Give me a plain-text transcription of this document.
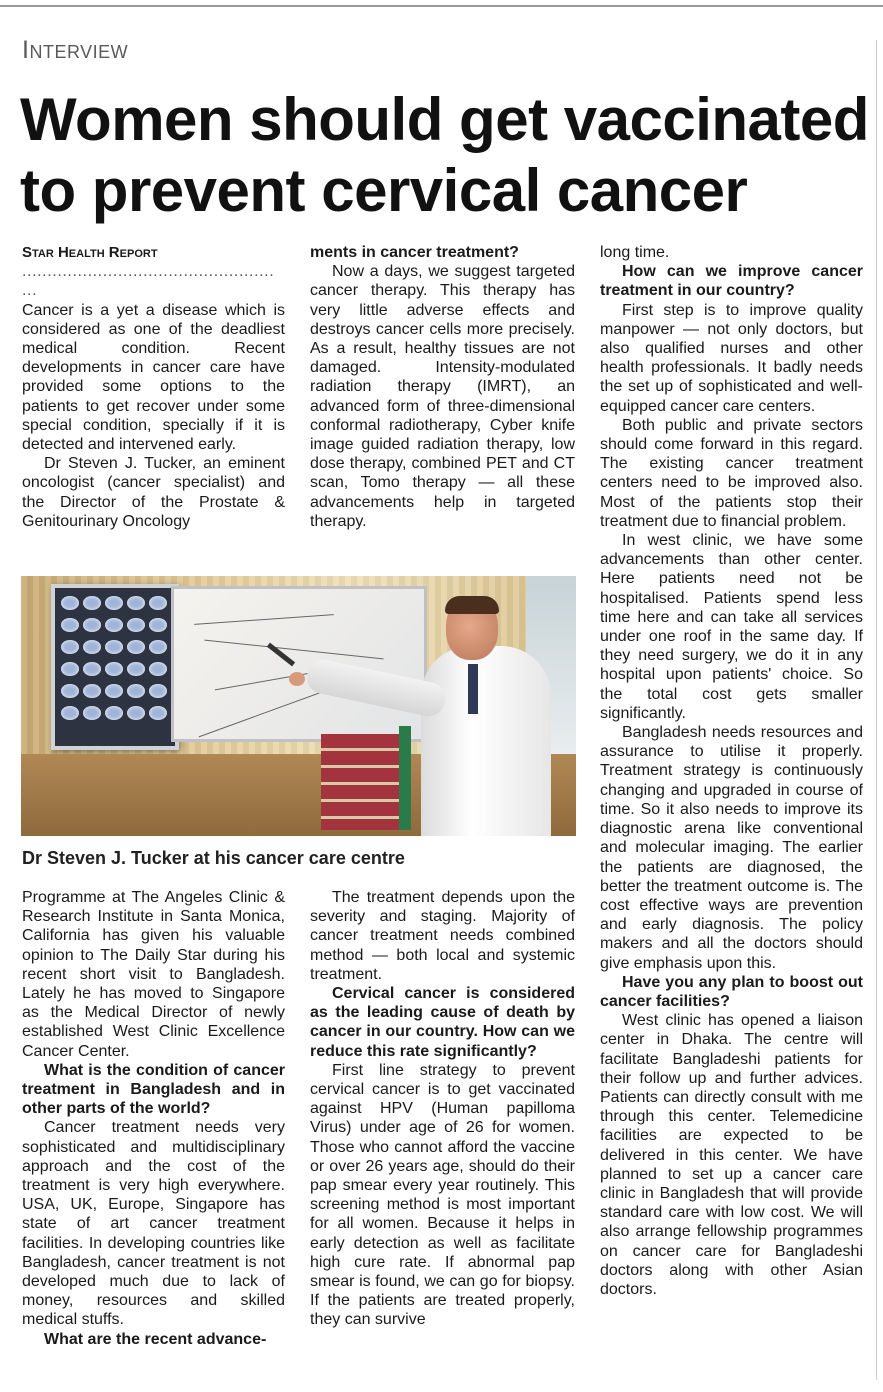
Interview
Women should get vaccinated to prevent cervical cancer

Star Health Report

..................................................
...

Cancer is a yet a disease which is considered as one of the deadliest medical condition. Recent developments in cancer care have provided some options to the patients to get recover under some special condition, specially if it is detected and intervened early.

Dr Steven J. Tucker, an eminent oncologist (cancer specialist) and the Director of the Prostate & Genitourinary Oncology

ments in cancer treatment?

Now a days, we suggest targeted cancer therapy. This therapy has very little adverse effects and destroys cancer cells more precisely. As a result, healthy tissues are not damaged. Intensity-modulated radiation therapy (IMRT), an advanced form of three-dimensional conformal radiotherapy, Cyber knife image guided radiation therapy, low dose therapy, combined PET and CT scan, Tomo therapy — all these advancements help in targeted therapy.

Dr Steven J. Tucker at his cancer care centre

Programme at The Angeles Clinic & Research Institute in Santa Monica, California has given his valuable opinion to The Daily Star during his recent short visit to Bangladesh. Lately he has moved to Singapore as the Medical Director of newly established West Clinic Excellence Cancer Center.

What is the condition of cancer treatment in Bangladesh and in other parts of the world?

Cancer treatment needs very sophisticated and multidisciplinary approach and the cost of the treatment is very high everywhere. USA, UK, Europe, Singapore has state of art cancer treatment facilities. In developing countries like Bangladesh, cancer treatment is not developed much due to lack of money, resources and skilled medical stuffs.

What are the recent advance-

The treatment depends upon the severity and staging. Majority of cancer treatment needs combined method — both local and systemic treatment.

Cervical cancer is considered as the leading cause of death by cancer in our country. How can we reduce this rate significantly?

First line strategy to prevent cervical cancer is to get vaccinated against HPV (Human papilloma Virus) under age of 26 for women. Those who cannot afford the vaccine or over 26 years age, should do their pap smear every year routinely. This screening method is most important for all women. Because it helps in early detection as well as facilitate high cure rate. If abnormal pap smear is found, we can go for biopsy. If the patients are treated properly, they can survive

long time.

How can we improve cancer treatment in our country?

First step is to improve quality manpower — not only doctors, but also qualified nurses and other health professionals. It badly needs the set up of sophisticated and well-equipped cancer care centers.

Both public and private sectors should come forward in this regard. The existing cancer treatment centers need to be improved also. Most of the patients stop their treatment due to financial problem.

In west clinic, we have some advancements than other center. Here patients need not be hospitalised. Patients spend less time here and can take all services under one roof in the same day. If they need surgery, we do it in any hospital upon patients' choice. So the total cost gets smaller significantly.

Bangladesh needs resources and assurance to utilise it properly. Treatment strategy is continuously changing and upgraded in course of time. So it also needs to improve its diagnostic arena like conventional and molecular imaging. The earlier the patients are diagnosed, the better the treatment outcome is. The cost effective ways are prevention and early diagnosis. The policy makers and all the doctors should give emphasis upon this.

Have you any plan to boost out cancer facilities?

West clinic has opened a liaison center in Dhaka. The centre will facilitate Bangladeshi patients for their follow up and further advices. Patients can directly consult with me through this center. Telemedicine facilities are expected to be delivered in this center. We have planned to set up a cancer care clinic in Bangladesh that will provide standard care with low cost. We will also arrange fellowship programmes on cancer care for Bangladeshi doctors along with other Asian doctors.
